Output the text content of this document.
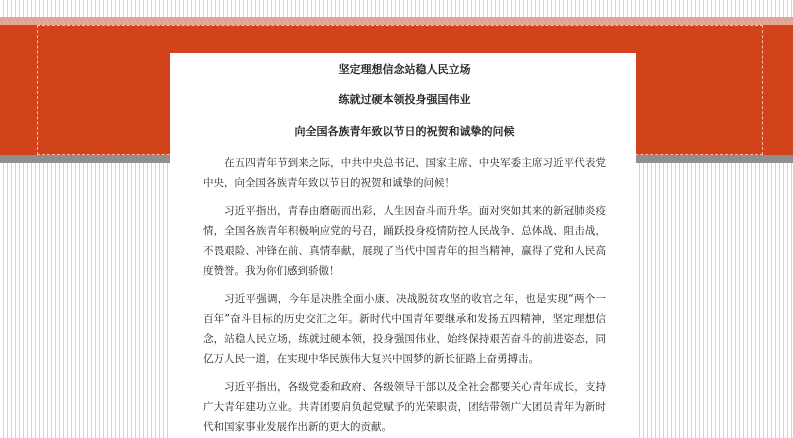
坚定理想信念站稳人民立场
练就过硬本领投身强国伟业
向全国各族青年致以节日的祝贺和诚挚的问候

在五四青年节到来之际，中共中央总书记、国家主席、中央军委主席习近平代表党中央，向全国各族青年致以节日的祝贺和诚挚的问候！

习近平指出，青春由磨砺而出彩，人生因奋斗而升华。面对突如其来的新冠肺炎疫情，全国各族青年积极响应党的号召，踊跃投身疫情防控人民战争、总体战、阻击战，不畏艰险、冲锋在前、真情奉献，展现了当代中国青年的担当精神，赢得了党和人民高度赞誉。我为你们感到骄傲！

习近平强调，今年是决胜全面小康、决战脱贫攻坚的收官之年，也是实现“两个一百年”奋斗目标的历史交汇之年。新时代中国青年要继承和发扬五四精神，坚定理想信念，站稳人民立场，练就过硬本领，投身强国伟业，始终保持艰苦奋斗的前进姿态，同亿万人民一道，在实现中华民族伟大复兴中国梦的新长征路上奋勇搏击。

习近平指出，各级党委和政府、各级领导干部以及全社会都要关心青年成长，支持广大青年建功立业。共青团要肩负起党赋予的光荣职责，团结带领广大团员青年为新时代和国家事业发展作出新的更大的贡献。
